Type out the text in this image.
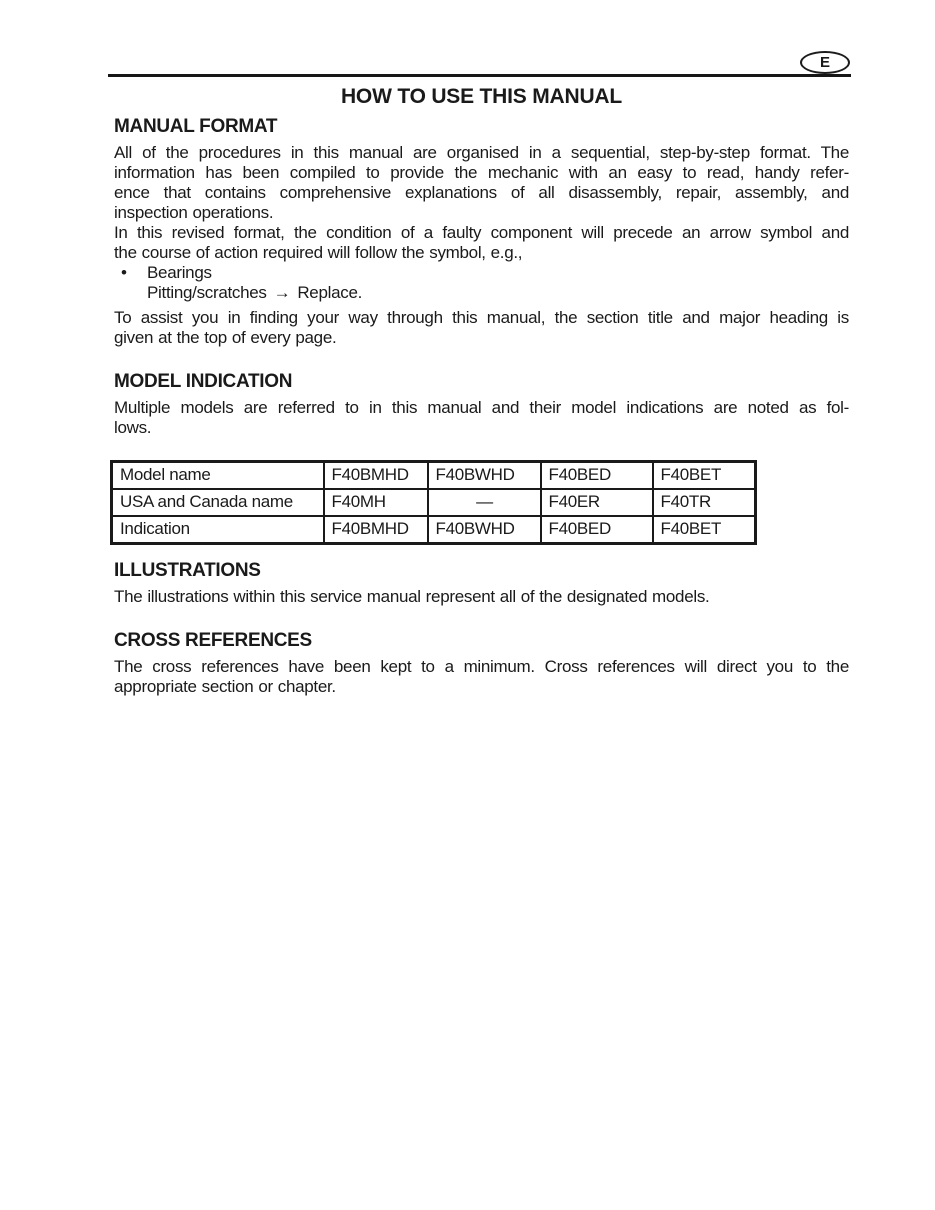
E
HOW TO USE THIS MANUAL
MANUAL FORMAT
All of the procedures in this manual are organised in a sequential, step-by-step format. The
information has been compiled to provide the mechanic with an easy to read, handy refer-
ence that contains comprehensive explanations of all disassembly, repair, assembly, and
inspection operations.
In this revised format, the condition of a faulty component will precede an arrow symbol and
the course of action required will follow the symbol, e.g.,
•	Bearings
Pitting/scratches → Replace.
To assist you in finding your way through this manual, the section title and major heading is
given at the top of every page.
MODEL INDICATION
Multiple models are referred to in this manual and their model indications are noted as fol-
lows.
Model name	F40BMHD	F40BWHD	F40BED	F40BET
USA and Canada name	F40MH	—	F40ER	F40TR
Indication	F40BMHD	F40BWHD	F40BED	F40BET
ILLUSTRATIONS
The illustrations within this service manual represent all of the designated models.
CROSS REFERENCES
The cross references have been kept to a minimum. Cross references will direct you to the
appropriate section or chapter.
